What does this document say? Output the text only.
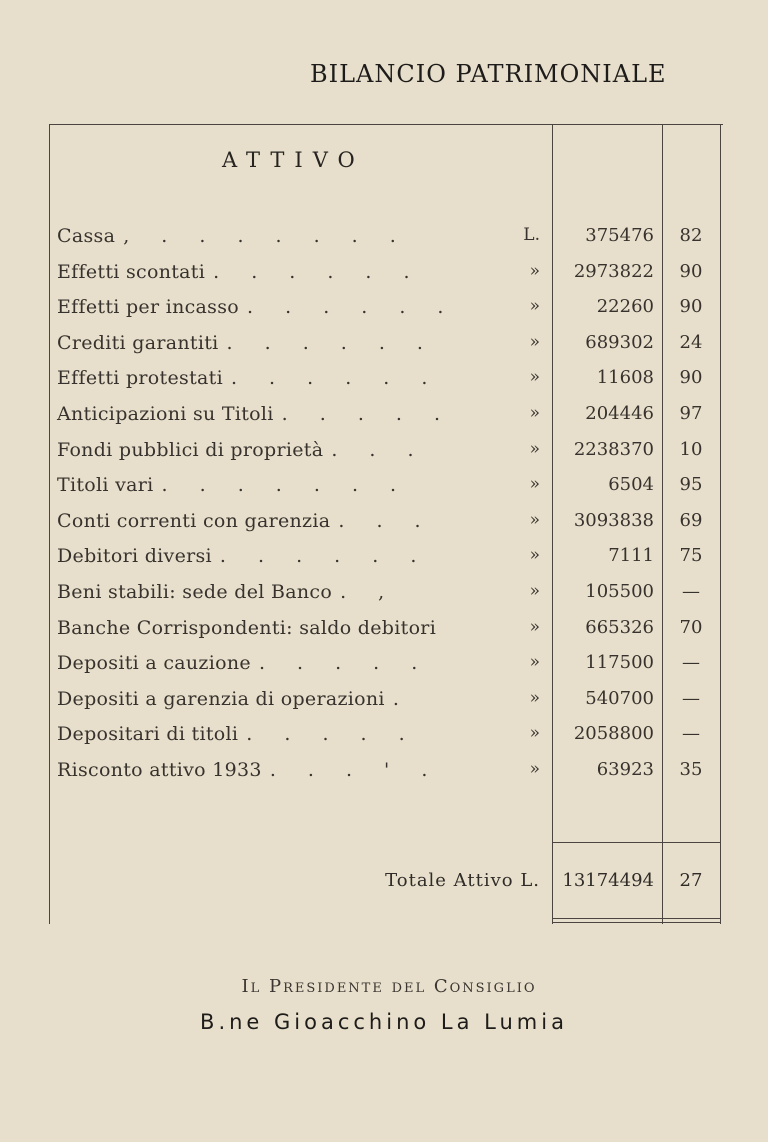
BILANCIO PATRIMONIALE
ATTIVO
Cassa , . . . . . . .	L.	375476	82
Effetti scontati . . . . . .	»	2973822	90
Effetti per incasso . . . . . .	»	22260	90
Crediti garantiti . . . . . .	»	689302	24
Effetti protestati . . . . . .	»	11608	90
Anticipazioni su Titoli . . . . .	»	204446	97
Fondi pubblici di proprietà . . .	»	2238370	10
Titoli vari . . . . . . .	»	6504	95
Conti correnti con garenzia . . .	»	3093838	69
Debitori diversi . . . . . .	»	7111	75
Beni stabili: sede del Banco . ,	»	105500	—
Banche Corrispondenti: saldo debitori	»	665326	70
Depositi a cauzione . . . . .	»	117500	—
Depositi a garenzia di operazioni .	»	540700	—
Depositari di titoli . . . . .	»	2058800	—
Risconto attivo 1933 . . . ' .	»	63923	35
Totale Attivo L.	13174494	27
Il Presidente del Consiglio
B.ne Gioacchino La Lumia
